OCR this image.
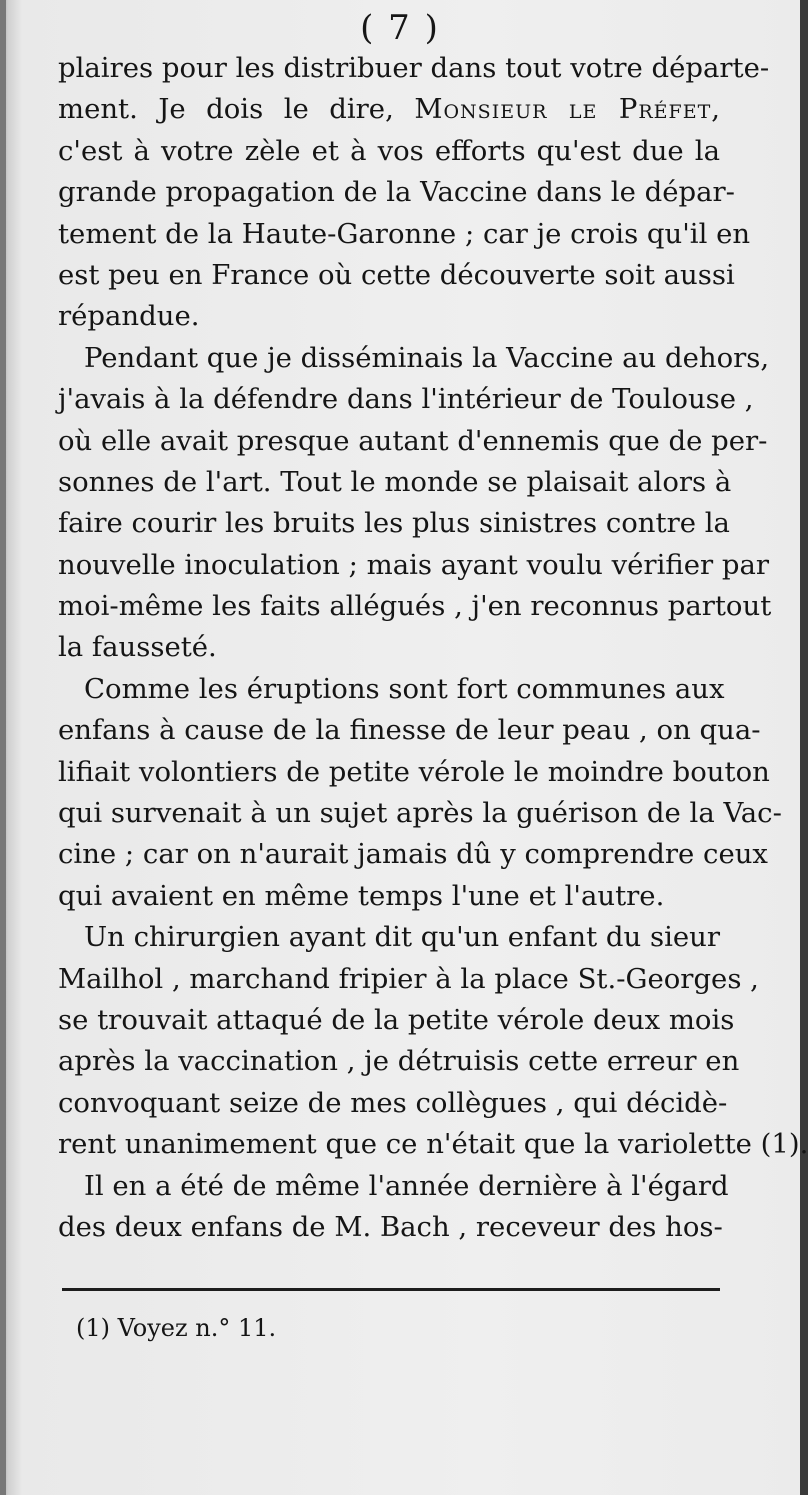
( 7 )
plaires pour les distribuer dans tout votre départe-
ment. Je dois le dire, Monsieur le Préfet,
c'est à votre zèle et à vos efforts qu'est due la
grande propagation de la Vaccine dans le dépar-
tement de la Haute-Garonne ; car je crois qu'il en
est peu en France où cette découverte soit aussi
répandue.
Pendant que je disséminais la Vaccine au dehors,
j'avais à la défendre dans l'intérieur de Toulouse ,
où elle avait presque autant d'ennemis que de per-
sonnes de l'art. Tout le monde se plaisait alors à
faire courir les bruits les plus sinistres contre la
nouvelle inoculation ; mais ayant voulu vérifier par
moi-même les faits allégués , j'en reconnus partout
la fausseté.
Comme les éruptions sont fort communes aux
enfans à cause de la finesse de leur peau , on qua-
lifiait volontiers de petite vérole le moindre bouton
qui survenait à un sujet après la guérison de la Vac-
cine ; car on n'aurait jamais dû y comprendre ceux
qui avaient en même temps l'une et l'autre.
Un chirurgien ayant dit qu'un enfant du sieur
Mailhol , marchand fripier à la place St.-Georges ,
se trouvait attaqué de la petite vérole deux mois
après la vaccination , je détruisis cette erreur en
convoquant seize de mes collègues , qui décidè-
rent unanimement que ce n'était que la variolette (1).
Il en a été de même l'année dernière à l'égard
des deux enfans de M. Bach , receveur des hos-
(1) Voyez n.° 11.
